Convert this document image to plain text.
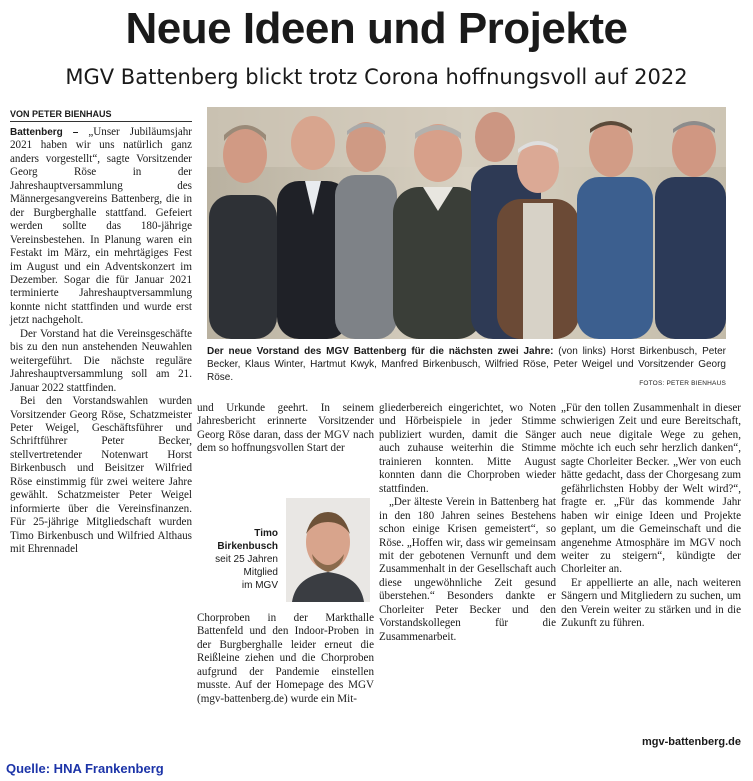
Neue Ideen und Projekte
MGV Battenberg blickt trotz Corona hoffnungsvoll auf 2022
VON PETER BIENHAUS

Battenberg – „Unser Jubiläumsjahr 2021 haben wir uns natürlich ganz anders vorgestellt“, sagte Vorsitzender Georg Röse in der Jahreshauptversammlung des Männergesangvereins Battenberg, die in der Burgberghalle stattfand. Gefeiert werden sollte das 180-jährige Vereinsbestehen. In Planung waren ein Festakt im März, ein mehrtägiges Fest im August und ein Adventskonzert im Dezember. Sogar die für Januar 2021 terminierte Jahreshauptversammlung konnte nicht stattfinden und wurde erst jetzt nachgeholt.

Der Vorstand hat die Vereinsgeschäfte bis zu den nun anstehenden Neuwahlen weitergeführt. Die nächste reguläre Jahreshauptversammlung soll am 21. Januar 2022 stattfinden.

Bei den Vorstandswahlen wurden Vorsitzender Georg Röse, Schatzmeister Peter Weigel, Geschäftsführer und Schriftführer Peter Becker, stellvertretender Notenwart Horst Birkenbusch und Beisitzer Wilfried Röse einstimmig für zwei weitere Jahre gewählt. Schatzmeister Peter Weigel informierte über die Vereinsfinanzen. Für 25-jährige Mitgliedschaft wurden Timo Birkenbusch und Wilfried Althaus mit Ehrennadel

Der neue Vorstand des MGV Battenberg für die nächsten zwei Jahre: (von links) Horst Birkenbusch, Peter Becker, Klaus Winter, Hartmut Kwyk, Manfred Birkenbusch, Wilfried Röse, Peter Weigel und Vorsitzender Georg Röse.
FOTOS: PETER BIENHAUS

und Urkunde geehrt. In seinem Jahresbericht erinnerte Vorsitzender Georg Röse daran, dass der MGV nach dem so hoffnungsvollen Start der

Timo
Birkenbusch
seit 25 Jahren
Mitglied
im MGV

Chorproben in der Markthalle Battenfeld und den Indoor-Proben in der Burgberghalle leider erneut die Reißleine ziehen und die Chorproben aufgrund der Pandemie einstellen musste. Auf der Homepage des MGV (mgv-battenberg.de) wurde ein Mit-

gliederbereich eingerichtet, wo Noten und Hörbeispiele in jeder Stimme publiziert wurden, damit die Sänger auch zuhause weiterhin die Stimme trainieren konnten. Mitte August konnten dann die Chorproben wieder stattfinden.

„Der älteste Verein in Battenberg hat in den 180 Jahren seines Bestehens schon einige Krisen gemeistert“, so Röse. „Hoffen wir, dass wir gemeinsam mit der gebotenen Vernunft und dem Zusammenhalt in der Gesellschaft auch diese ungewöhnliche Zeit gesund überstehen.“ Besonders dankte er Chorleiter Peter Becker und den Vorstandskollegen für die Zusammenarbeit.

„Für den tollen Zusammenhalt in dieser schwierigen Zeit und eure Bereitschaft, auch neue digitale Wege zu gehen, möchte ich euch sehr herzlich danken“, sagte Chorleiter Becker. „Wer von euch hätte gedacht, dass der Chorgesang zum gefährlichsten Hobby der Welt wird?“, fragte er. „Für das kommende Jahr haben wir einige Ideen und Projekte geplant, um die Gemeinschaft und die angenehme Atmosphäre im MGV noch weiter zu steigern“, kündigte der Chorleiter an.

Er appellierte an alle, nach weiteren Sängern und Mitgliedern zu suchen, um den Verein weiter zu stärken und in die Zukunft zu führen.

mgv-battenberg.de
Quelle: HNA Frankenberg
